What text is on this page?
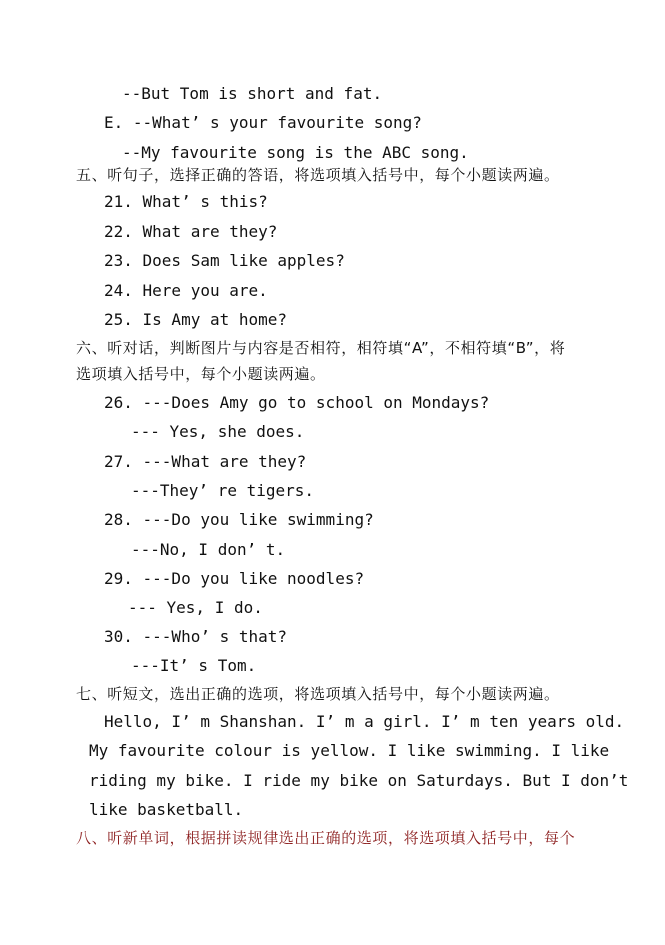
--But Tom is short and fat.
E. --What’ s your favourite song?
--My favourite song is the ABC song.
五、听句子，选择正确的答语，将选项填入括号中，每个小题读两遍。
21. What’ s this?
22. What are they?
23. Does Sam like apples?
24. Here you are.
25. Is Amy at home?
六、听对话，判断图片与内容是否相符，相符填“A”，不相符填“B”，将
选项填入括号中，每个小题读两遍。
26. ---Does Amy go to school on Mondays?
--- Yes, she does.
27. ---What are they?
---They’ re tigers.
28. ---Do you like swimming?
---No, I don’ t.
29. ---Do you like noodles?
--- Yes, I do.
30. ---Who’ s that?
---It’ s Tom.
七、听短文，选出正确的选项，将选项填入括号中，每个小题读两遍。
Hello, I’ m Shanshan. I’ m a girl. I’ m ten years old.
My favourite colour is yellow. I like swimming. I like
riding my bike. I ride my bike on Saturdays. But I don’t
like basketball.
八、听新单词，根据拼读规律选出正确的选项，将选项填入括号中，每个
